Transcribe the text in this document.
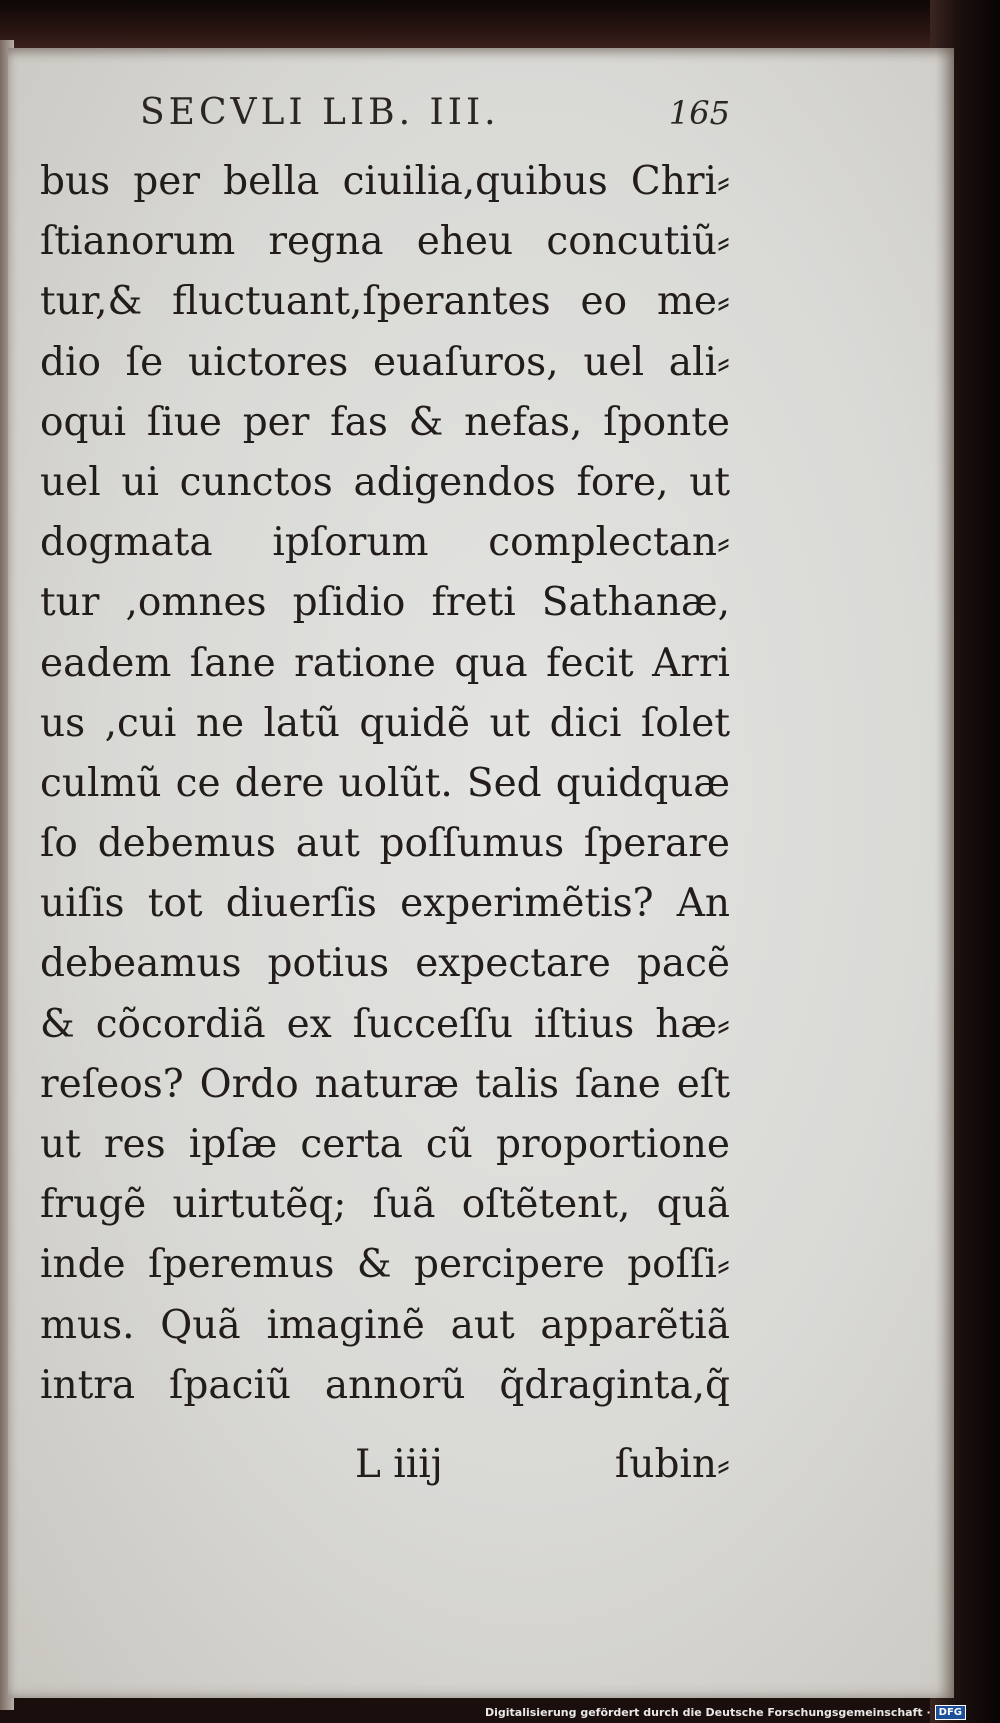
SECVLI LIB. III.	165
bus per bella ciuilia,quibus Chri⸗
ſtianorum regna eheu concutiũ⸗
tur,& fluctuant,ſperantes eo me⸗
dio ſe uictores euaſuros, uel ali⸗
oqui ſiue per fas & nefas, ſponte
uel ui cunctos adigendos fore, ut
dogmata ipſorum complectan⸗
tur ,omnes pſidio freti Sathanæ,
eadem ſane ratione qua fecit Arri
us ,cui ne latũ quidẽ ut dici ſolet
culmũ ce dere uolũt. Sed quidquæ
ſo debemus aut poſſumus ſperare
uiſis tot diuerſis experimẽtis? An
debeamus potius expectare pacẽ
& cõcordiã ex ſucceſſu iſtius hæ⸗
reſeos? Ordo naturæ talis ſane eſt
ut res ipſæ certa cũ proportione
frugẽ uirtutẽq; ſuã oſtẽtent, quã
inde ſperemus & percipere poſſi⸗
mus. Quã imaginẽ aut apparẽtiã
intra ſpaciũ annorũ q̃draginta,q̃
L iiij	ſubin⸗
Digitalisierung gefördert durch die Deutsche Forschungsgemeinschaft · DFG
